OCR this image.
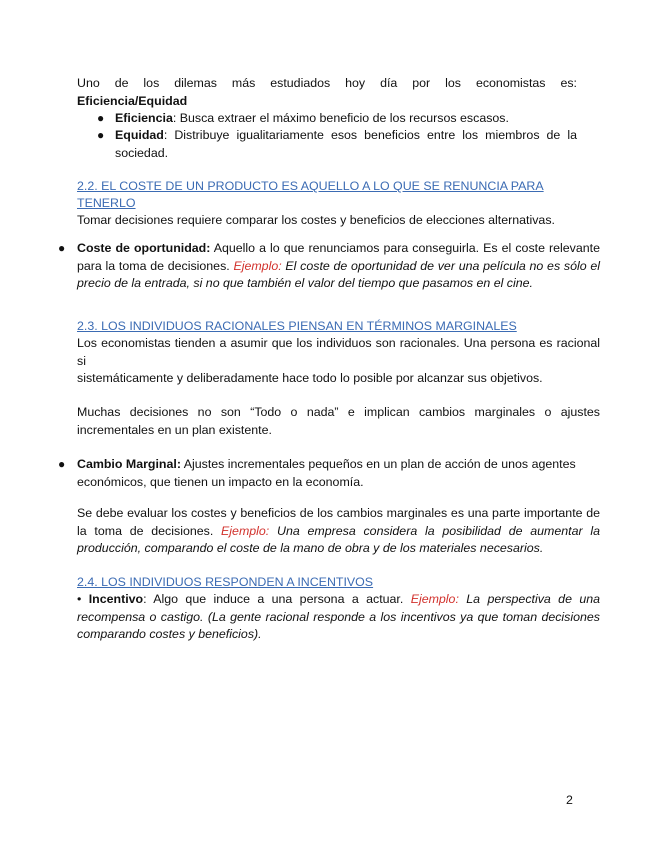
Uno de los dilemas más estudiados hoy día por los economistas es:
Eficiencia/Equidad
● Eficiencia: Busca extraer el máximo beneficio de los recursos escasos.
● Equidad: Distribuye igualitariamente esos beneficios entre los miembros de la sociedad.
2.2. EL COSTE DE UN PRODUCTO ES AQUELLO A LO QUE SE RENUNCIA PARA
TENERLO
Tomar decisiones requiere comparar los costes y beneficios de elecciones alternativas.
● Coste de oportunidad: Aquello a lo que renunciamos para conseguirla. Es el coste relevante para la toma de decisiones. Ejemplo: El coste de oportunidad de ver una película no es sólo el precio de la entrada, si no que también el valor del tiempo que pasamos en el cine.
2.3. LOS INDIVIDUOS RACIONALES PIENSAN EN TÉRMINOS MARGINALES
Los economistas tienden a asumir que los individuos son racionales. Una persona es racional si
sistemáticamente y deliberadamente hace todo lo posible por alcanzar sus objetivos.
Muchas decisiones no son “Todo o nada” e implican cambios marginales o ajustes incrementales en un plan existente.
● Cambio Marginal: Ajustes incrementales pequeños en un plan de acción de unos agentes económicos, que tienen un impacto en la economía.
Se debe evaluar los costes y beneficios de los cambios marginales es una parte importante de la toma de decisiones. Ejemplo: Una empresa considera la posibilidad de aumentar la producción, comparando el coste de la mano de obra y de los materiales necesarios.
2.4. LOS INDIVIDUOS RESPONDEN A INCENTIVOS
• Incentivo: Algo que induce a una persona a actuar. Ejemplo: La perspectiva de una recompensa o castigo. (La gente racional responde a los incentivos ya que toman decisiones comparando costes y beneficios).
2
